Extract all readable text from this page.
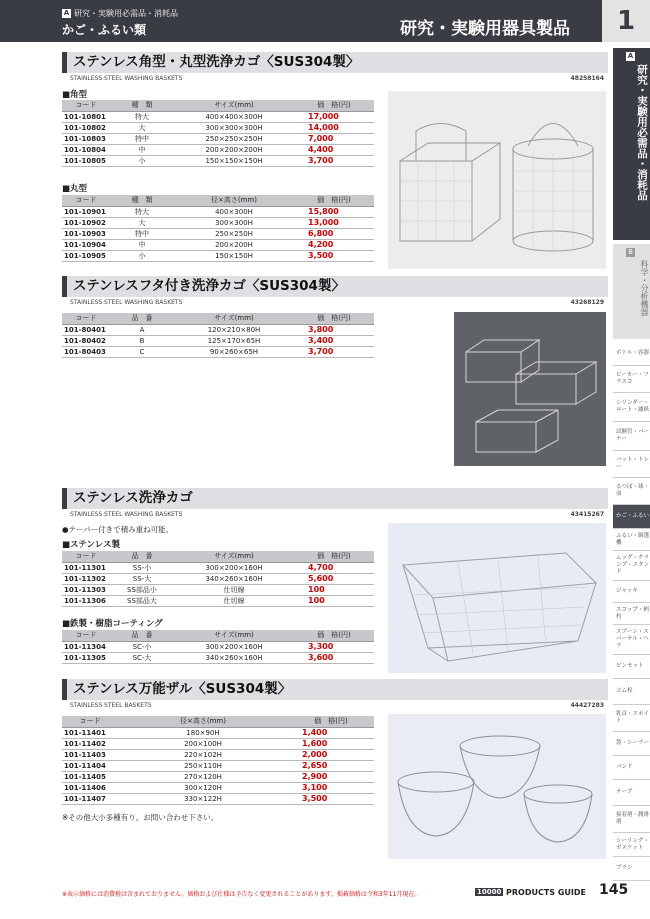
A 研究・実験用必需品・消耗品
かご・ふるい類	研究・実験用器具製品	1
ステンレス角型・丸型洗浄カゴ〈SUS304製〉
STAINLESS STEEL WASHING BASKETS	48258164
■角型
コード	種　類	サイズ(mm)	価　格(円)
101-10801	特大	400×400×300H	17,000
101-10802	大	300×300×300H	14,000
101-10803	特中	250×250×250H	7,000
101-10804	中	200×200×200H	4,400
101-10805	小	150×150×150H	3,700
■丸型
コード	種　類	径×高さ(mm)	価　格(円)
101-10901	特大	400×300H	15,800
101-10902	大	300×300H	13,000
101-10903	特中	250×250H	6,800
101-10904	中	200×200H	4,200
101-10905	小	150×150H	3,500
ステンレスフタ付き洗浄カゴ〈SUS304製〉
STAINLESS STEEL WASHING BASKETS	43268129
コード	品　番	サイズ(mm)	価　格(円)
101-80401	A	120×210×80H	3,800
101-80402	B	125×170×65H	3,400
101-80403	C	90×260×65H	3,700
ステンレス洗浄カゴ
STAINLESS STEEL WASHING BASKETS	43415267
●テーパー付きで積み重ね可能。
■ステンレス製
コード	品　番	サイズ(mm)	価　格(円)
101-11301	SS-小	300×200×160H	4,700
101-11302	SS-大	340×260×160H	5,600
101-11303	SS部品小	仕切線	100
101-11306	SS部品大	仕切線	100
■鉄製・樹脂コーティング
コード	品　番	サイズ(mm)	価　格(円)
101-11304	SC-小	300×200×160H	3,300
101-11305	SC-大	340×260×160H	3,600
ステンレス万能ザル〈SUS304製〉
STAINLESS STEEL BASKETS	44427283
コード	径×高さ(mm)	価　格(円)
101-11401	180×90H	1,400
101-11402	200×100H	1,600
101-11403	220×102H	2,000
101-11404	250×110H	2,650
101-11405	270×120H	2,900
101-11406	300×120H	3,100
101-11407	330×122H	3,500
※その他大小多種有り。お問い合わせ下さい。
A
研究・実験用必需品・消耗品
B
科学・分析機器
ボトル・容器
ビーカー・フラスコ
シリンダー・ロート・濾紙
試験管・バーナー
バット・トレー
るつぼ・球・皿
かご・ふるい
ふるい・網選機
ムッグ・クランプ・スタンド
ジャッキ
スコップ・柄杓
スプーン・スパーテル・ヘラ
ピンセット
ゴム栓
乳首・スポイト
袋・シーラー
バンド
テープ
接着剤・潤滑剤
シーリング・ガスケット
ブラシ
※表示価格には消費税は含まれておりません。価格および仕様は予告なく変更されることがあります。掲載価格は令和3年11月現在。	10000 PRODUCTS GUIDE 145
